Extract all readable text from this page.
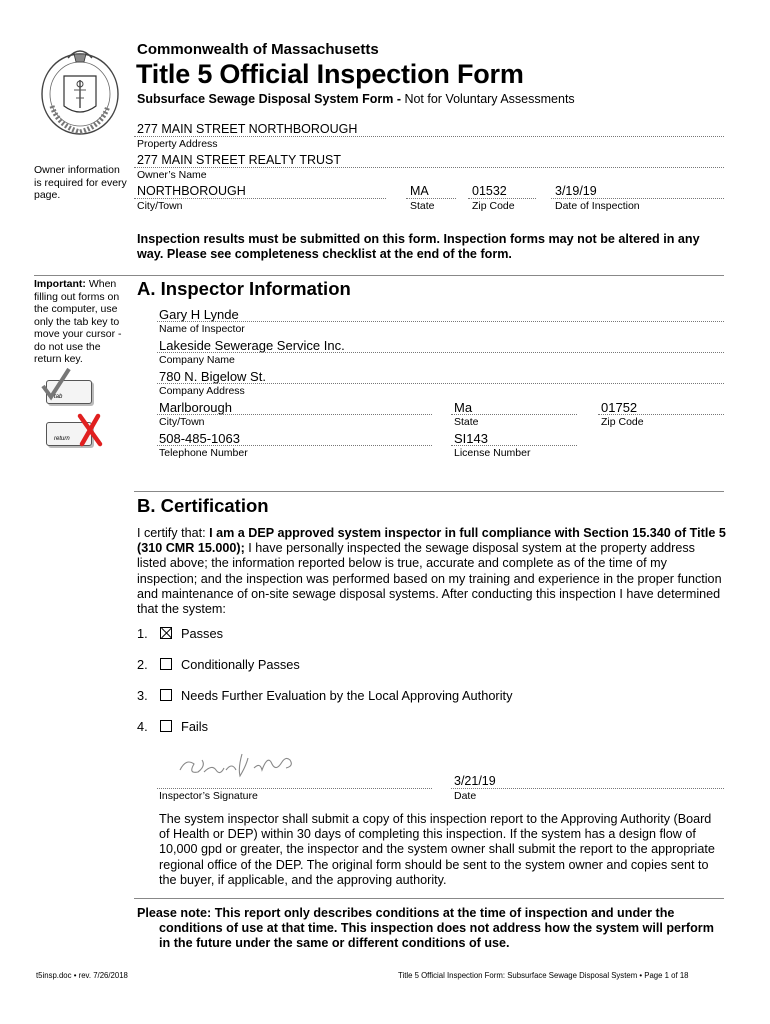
Commonwealth of Massachusetts
Title 5 Official Inspection Form
Subsurface Sewage Disposal System Form - Not for Voluntary Assessments
277 MAIN STREET NORTHBOROUGH
Property Address
Owner information is required for every page.
277 MAIN STREET REALTY TRUST
Owner’s Name
NORTHBOROUGH
City/Town
MA
State
01532
Zip Code
3/19/19
Date of Inspection
Inspection results must be submitted on this form. Inspection forms may not be altered in any way. Please see completeness checklist at the end of the form.
Important: When filling out forms on the computer, use only the tab key to move your cursor - do not use the return key.
tab
return
A. Inspector Information
Gary H Lynde
Name of Inspector
Lakeside Sewerage Service Inc.
Company Name
780 N. Bigelow St.
Company Address
Marlborough
City/Town
Ma
State
01752
Zip Code
508-485-1063
Telephone Number
SI143
License Number
B. Certification
I certify that: I am a DEP approved system inspector in full compliance with Section 15.340 of Title 5 (310 CMR 15.000); I have personally inspected the sewage disposal system at the property address listed above; the information reported below is true, accurate and complete as of the time of my inspection; and the inspection was performed based on my training and experience in the proper function and maintenance of on-site sewage disposal systems. After conducting this inspection I have determined that the system:
1.	Passes
2.	Conditionally Passes
3.	Needs Further Evaluation by the Local Approving Authority
4.	Fails
Inspector’s Signature
3/21/19
Date
The system inspector shall submit a copy of this inspection report to the Approving Authority (Board of Health or DEP) within 30 days of completing this inspection. If the system has a design flow of 10,000 gpd or greater, the inspector and the system owner shall submit the report to the appropriate regional office of the DEP. The original form should be sent to the system owner and copies sent to the buyer, if applicable, and the approving authority.
Please note: This report only describes conditions at the time of inspection and under the conditions of use at that time. This inspection does not address how the system will perform in the future under the same or different conditions of use.
t5insp.doc • rev. 7/26/2018	Title 5 Official Inspection Form: Subsurface Sewage Disposal System • Page 1 of 18
